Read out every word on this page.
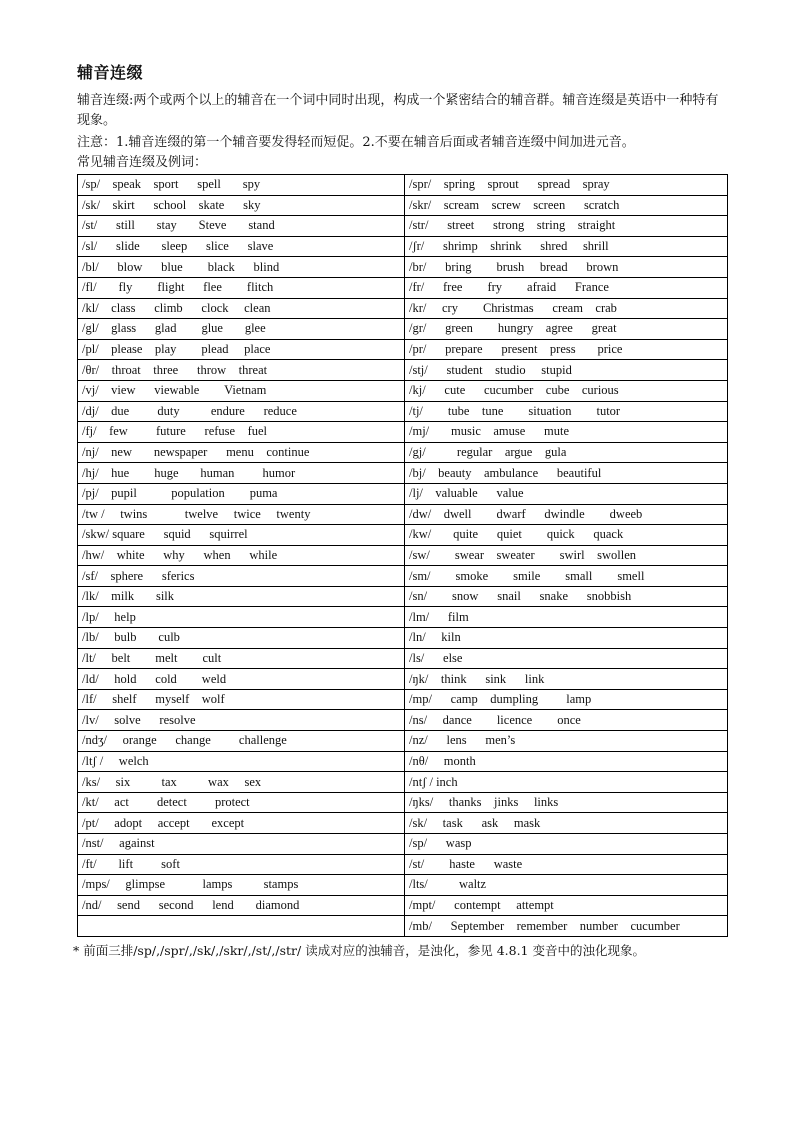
辅音连缀

辅音连缀:两个或两个以上的辅音在一个词中同时出现，构成一个紧密结合的辅音群。辅音连缀是英语中一种特有现象。

注意：1.辅音连缀的第一个辅音要发得轻而短促。2.不要在辅音后面或者辅音连缀中间加进元音。

常见辅音连缀及例词：

/sp/    speak    sport      spell       spy	/spr/    spring    sprout      spread    spray
/sk/    skirt      school    skate      sky	/skr/    scream    screw    screen      scratch
/st/      still       stay       Steve       stand	/str/      street      strong    string    straight
/sl/      slide       sleep      slice      slave	/ʃr/      shrimp    shrink      shred     shrill
/bl/      blow      blue        black      blind	/br/      bring        brush     bread      brown
/fl/       fly        flight      flee        flitch	/fr/      free        fry        afraid      France
/kl/    class      climb      clock     clean	/kr/     cry        Christmas      cream    crab
/gl/    glass      glad        glue       glee	/gr/      green        hungry    agree      great
/pl/    please    play        plead     place	/pr/      prepare      present    press       price
/θr/    throat    three      throw    threat	/stj/      student    studio     stupid
/vj/    view      viewable        Vietnam	/kj/      cute      cucumber    cube    curious
/dj/    due         duty          endure      reduce	/tj/        tube    tune        situation        tutor
/fj/    few         future      refuse    fuel	/mj/       music    amuse      mute
/nj/    new       newspaper      menu    continue	/gj/          regular    argue    gula
/hj/    hue        huge       human         humor	/bj/    beauty    ambulance      beautiful
/pj/    pupil           population        puma	/lj/    valuable      value
/tw /     twins            twelve     twice     twenty	/dw/    dwell        dwarf      dwindle        dweeb
/skw/ square      squid      squirrel	/kw/       quite      quiet        quick      quack
/hw/    white      why      when      while	/sw/        swear    sweater        swirl    swollen
/sf/    sphere      sferics	/sm/        smoke        smile        small        smell
/lk/    milk       silk	/sn/        snow      snail      snake      snobbish
/lp/     help	/lm/      film
/lb/     bulb       culb	/ln/     kiln
/lt/     belt        melt        cult	/ls/      else
/ld/     hold      cold        weld	/ŋk/    think      sink      link
/lf/     shelf      myself    wolf	/mp/      camp    dumpling         lamp
/lv/     solve      resolve	/ns/     dance        licence        once
/ndʒ/     orange      change         challenge	/nz/      lens      men’s
/ltʃ /     welch	/nθ/     month
/ks/     six          tax          wax     sex	/ntʃ / inch
/kt/     act         detect         protect	/ŋks/     thanks    jinks     links
/pt/     adopt     accept       except	/sk/     task      ask     mask
/nst/     against	/sp/      wasp
/ft/       lift         soft	/st/        haste      waste
/mps/     glimpse            lamps          stamps	/lts/          waltz
/nd/     send      second      lend       diamond	/mpt/      contempt     attempt
	/mb/      September    remember    number    cucumber

* 前面三排/sp/,/spr/,/sk/,/skr/,/st/,/str/ 读成对应的浊辅音，是浊化，参见 4.8.1 变音中的浊化现象。
